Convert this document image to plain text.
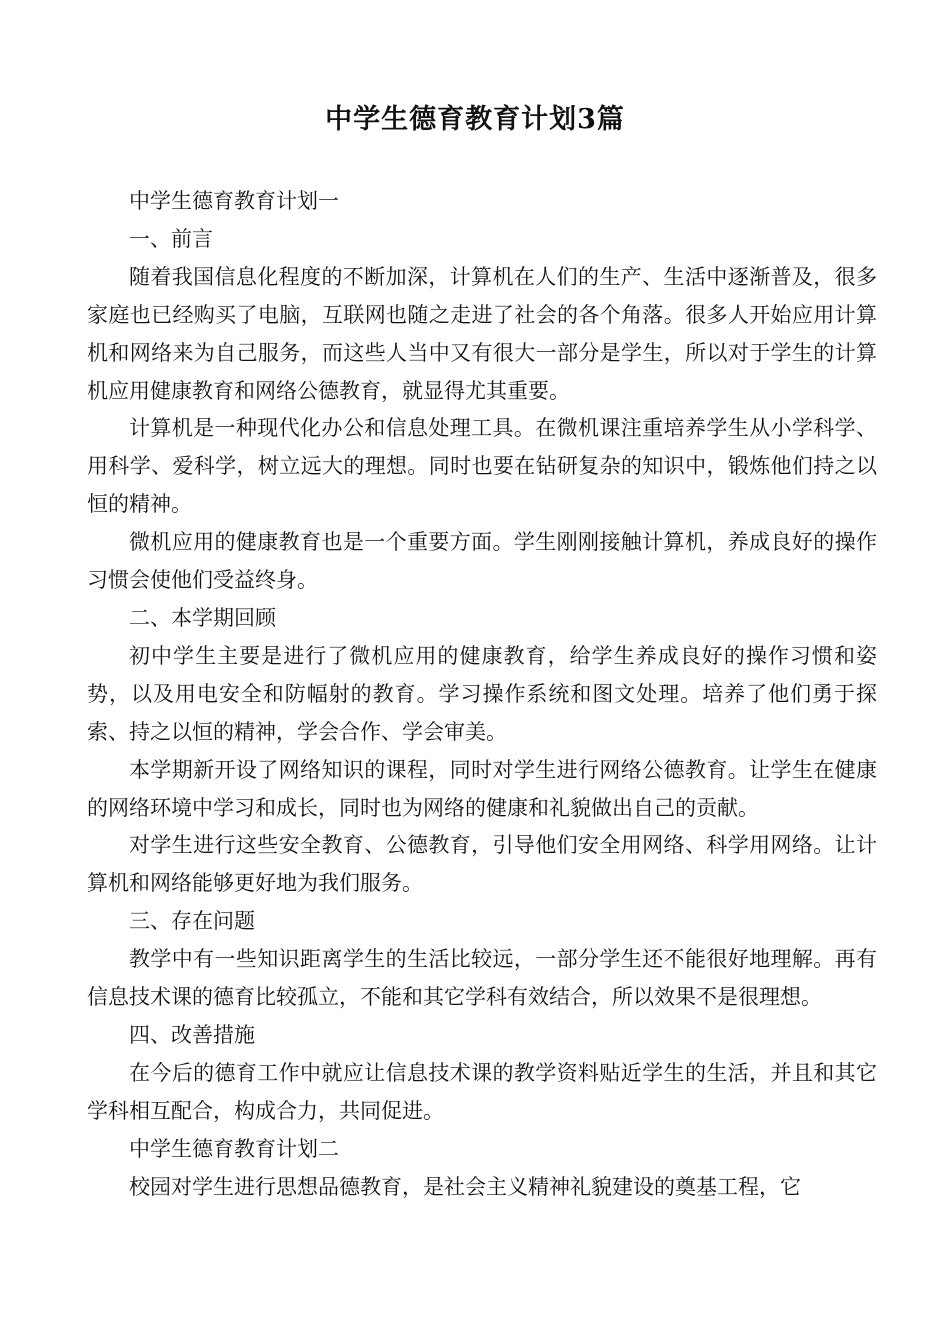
中学生德育教育计划3篇

中学生德育教育计划一

一、前言

随着我国信息化程度的不断加深，计算机在人们的生产、生活中逐渐普及，很多家庭也已经购买了电脑，互联网也随之走进了社会的各个角落。很多人开始应用计算机和网络来为自己服务，而这些人当中又有很大一部分是学生，所以对于学生的计算机应用健康教育和网络公德教育，就显得尤其重要。

计算机是一种现代化办公和信息处理工具。在微机课注重培养学生从小学科学、用科学、爱科学，树立远大的理想。同时也要在钻研复杂的知识中，锻炼他们持之以恒的精神。

微机应用的健康教育也是一个重要方面。学生刚刚接触计算机，养成良好的操作习惯会使他们受益终身。

二、本学期回顾

初中学生主要是进行了微机应用的健康教育，给学生养成良好的操作习惯和姿势，以及用电安全和防幅射的教育。学习操作系统和图文处理。培养了他们勇于探索、持之以恒的精神，学会合作、学会审美。

本学期新开设了网络知识的课程，同时对学生进行网络公德教育。让学生在健康的网络环境中学习和成长，同时也为网络的健康和礼貌做出自己的贡献。

对学生进行这些安全教育、公德教育，引导他们安全用网络、科学用网络。让计算机和网络能够更好地为我们服务。

三、存在问题

教学中有一些知识距离学生的生活比较远，一部分学生还不能很好地理解。再有信息技术课的德育比较孤立，不能和其它学科有效结合，所以效果不是很理想。

四、改善措施

在今后的德育工作中就应让信息技术课的教学资料贴近学生的生活，并且和其它学科相互配合，构成合力，共同促进。

中学生德育教育计划二

校园对学生进行思想品德教育，是社会主义精神礼貌建设的奠基工程，它
